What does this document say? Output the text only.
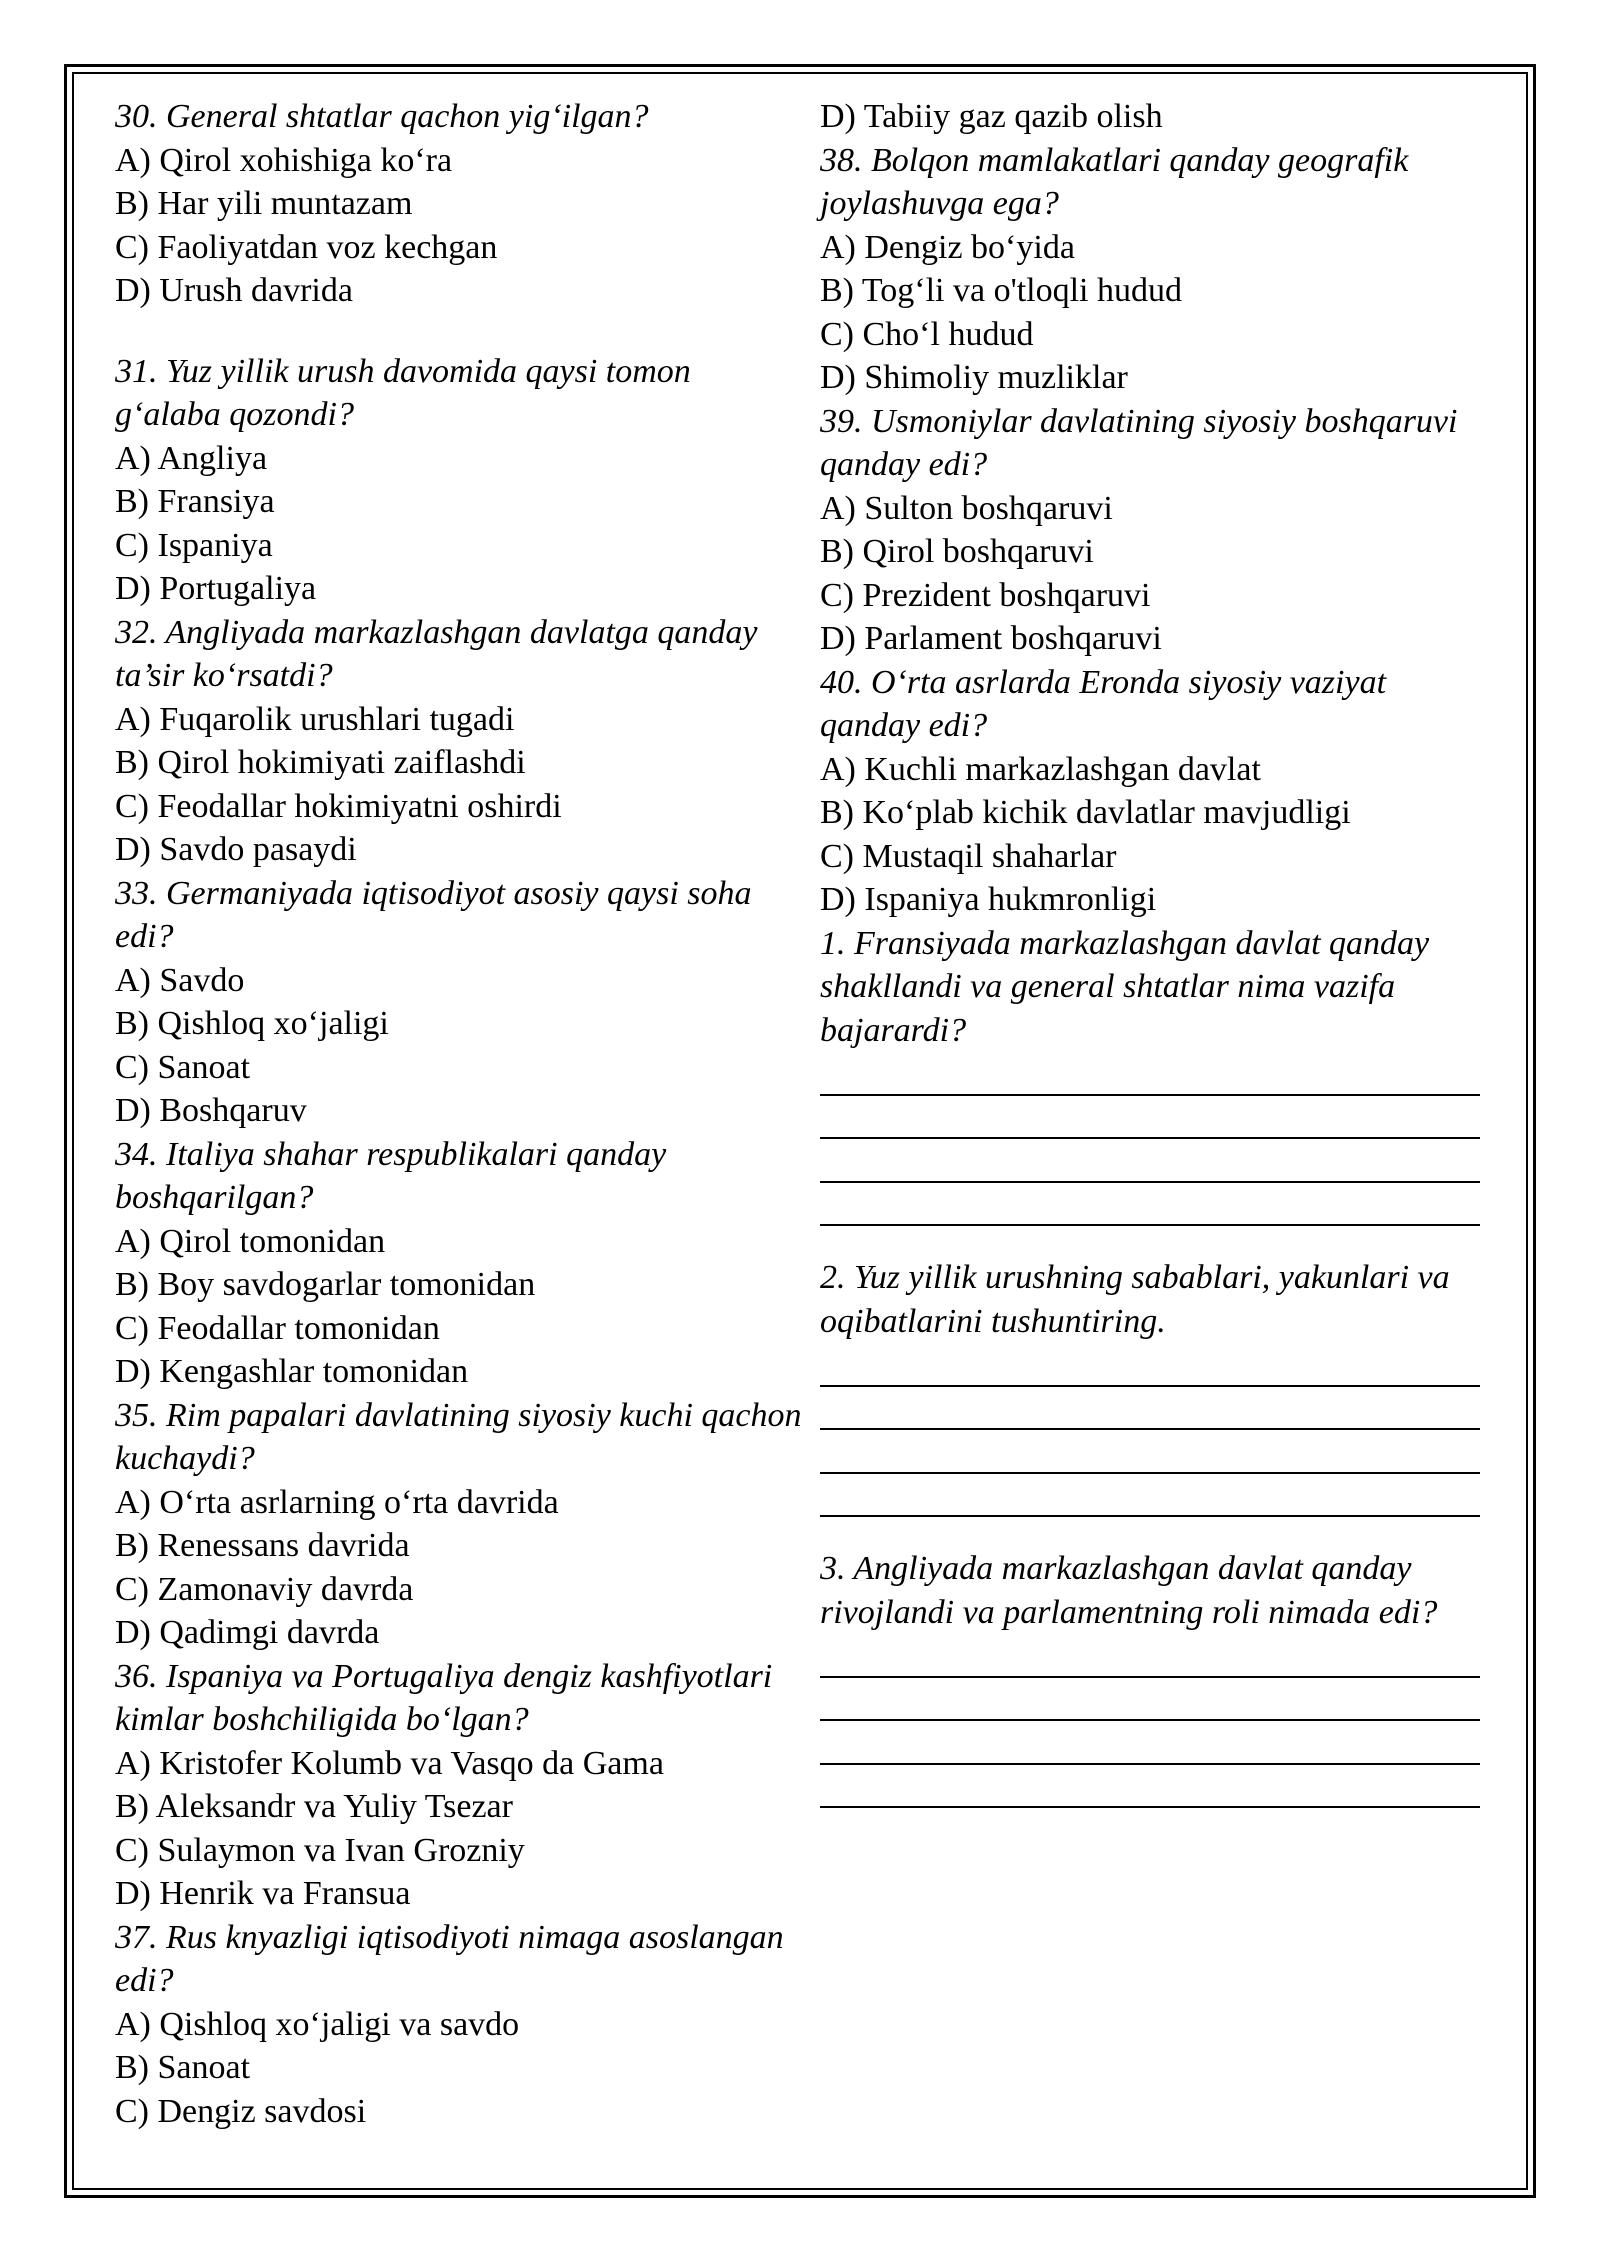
30. General shtatlar qachon yig‘ilgan?

A) Qirol xohishiga ko‘ra

B) Har yili muntazam

C) Faoliyatdan voz kechgan

D) Urush davrida

31. Yuz yillik urush davomida qaysi tomon g‘alaba qozondi?

A) Angliya

B) Fransiya

C) Ispaniya

D) Portugaliya

32. Angliyada markazlashgan davlatga qanday ta’sir ko‘rsatdi?

A) Fuqarolik urushlari tugadi

B) Qirol hokimiyati zaiflashdi

C) Feodallar hokimiyatni oshirdi

D) Savdo pasaydi

33. Germaniyada iqtisodiyot asosiy qaysi soha edi?

A) Savdo

B) Qishloq xo‘jaligi

C) Sanoat

D) Boshqaruv

34. Italiya shahar respublikalari qanday boshqarilgan?

A) Qirol tomonidan

B) Boy savdogarlar tomonidan

C) Feodallar tomonidan

D) Kengashlar tomonidan

35. Rim papalari davlatining siyosiy kuchi qachon kuchaydi?

A) O‘rta asrlarning o‘rta davrida

B) Renessans davrida

C) Zamonaviy davrda

D) Qadimgi davrda

36. Ispaniya va Portugaliya dengiz kashfiyotlari kimlar boshchiligida bo‘lgan?

A) Kristofer Kolumb va Vasqo da Gama

B) Aleksandr va Yuliy Tsezar

C) Sulaymon va Ivan Grozniy

D) Henrik va Fransua

37. Rus knyazligi iqtisodiyoti nimaga asoslangan edi?

A) Qishloq xo‘jaligi va savdo

B) Sanoat

C) Dengiz savdosi

D) Tabiiy gaz qazib olish

38. Bolqon mamlakatlari qanday geografik joylashuvga ega?

A) Dengiz bo‘yida

B) Tog‘li va o'tloqli hudud

C) Cho‘l hudud

D) Shimoliy muzliklar

39. Usmoniylar davlatining siyosiy boshqaruvi qanday edi?

A) Sulton boshqaruvi

B) Qirol boshqaruvi

C) Prezident boshqaruvi

D) Parlament boshqaruvi

40. O‘rta asrlarda Eronda siyosiy vaziyat qanday edi?

A) Kuchli markazlashgan davlat

B) Ko‘plab kichik davlatlar mavjudligi

C) Mustaqil shaharlar

D) Ispaniya hukmronligi

1. Fransiyada markazlashgan davlat qanday shakllandi va general shtatlar nima vazifa bajarardi?

2. Yuz yillik urushning sabablari, yakunlari va oqibatlarini tushuntiring.

3. Angliyada markazlashgan davlat qanday rivojlandi va parlamentning roli nimada edi?
